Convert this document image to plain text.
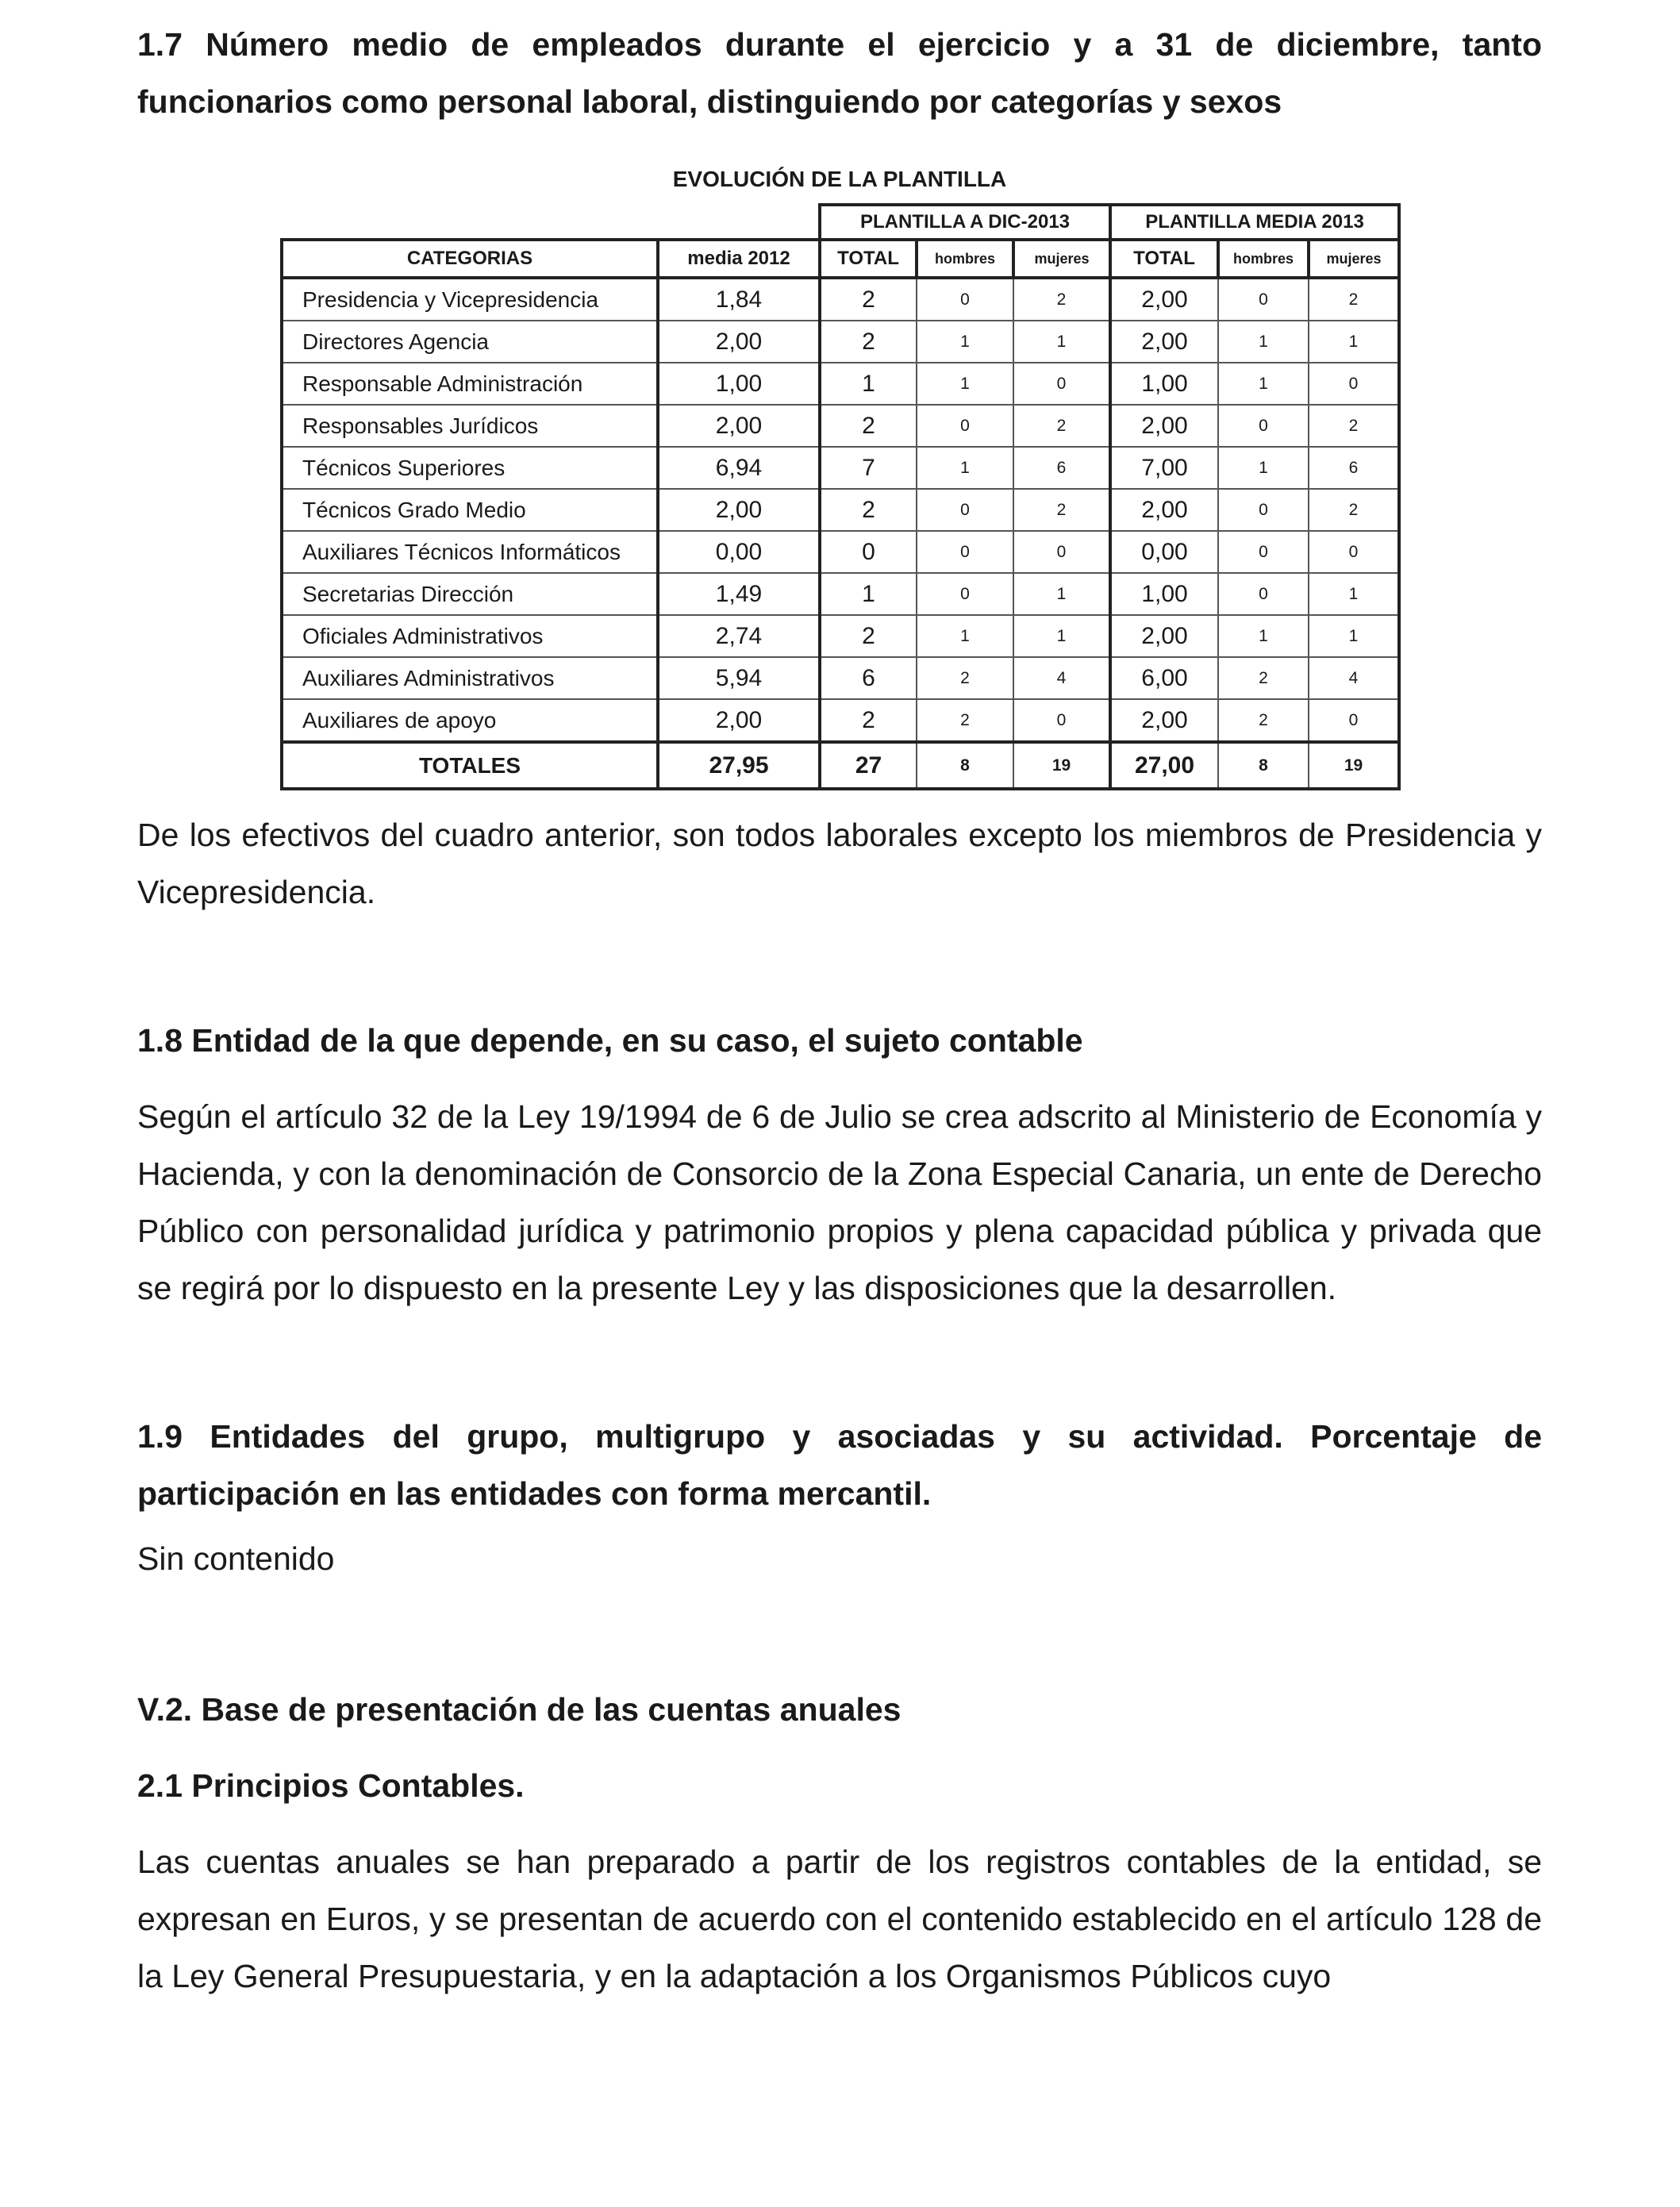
1.7 Número medio de empleados durante el ejercicio y a 31 de diciembre, tanto funcionarios como personal laboral, distinguiendo por categorías y sexos
EVOLUCIÓN DE LA PLANTILLA
		PLANTILLA A DIC-2013			PLANTILLA MEDIA 2013		
CATEGORIAS	media 2012	TOTAL	hombres	mujeres	TOTAL	hombres	mujeres
Presidencia y Vicepresidencia	1,84	2	0	2	2,00	0	2
Directores Agencia	2,00	2	1	1	2,00	1	1
Responsable Administración	1,00	1	1	0	1,00	1	0
Responsables Jurídicos	2,00	2	0	2	2,00	0	2
Técnicos Superiores	6,94	7	1	6	7,00	1	6
Técnicos Grado Medio	2,00	2	0	2	2,00	0	2
Auxiliares Técnicos Informáticos	0,00	0	0	0	0,00	0	0
Secretarias Dirección	1,49	1	0	1	1,00	0	1
Oficiales Administrativos	2,74	2	1	1	2,00	1	1
Auxiliares Administrativos	5,94	6	2	4	6,00	2	4
Auxiliares de apoyo	2,00	2	2	0	2,00	2	0
TOTALES	27,95	27	8	19	27,00	8	19

De los efectivos del cuadro anterior, son todos laborales excepto los miembros de Presidencia y Vicepresidencia.

1.8 Entidad de la que depende, en su caso, el sujeto contable

Según el artículo 32 de la Ley 19/1994 de 6 de Julio se crea adscrito al Ministerio de Economía y Hacienda, y con la denominación de Consorcio de la Zona Especial Canaria, un ente de Derecho Público con personalidad jurídica y patrimonio propios y plena capacidad pública y privada que se regirá por lo dispuesto en la presente Ley y las disposiciones que la desarrollen.

1.9 Entidades del grupo, multigrupo y asociadas y su actividad. Porcentaje de participación en las entidades con forma mercantil.

Sin contenido

V.2. Base de presentación de las cuentas anuales
2.1 Principios Contables.

Las cuentas anuales se han preparado a partir de los registros contables de la entidad, se expresan en Euros, y se presentan de acuerdo con el contenido establecido en el artículo 128 de la Ley General Presupuestaria, y en la adaptación a los Organismos Públicos cuyo
